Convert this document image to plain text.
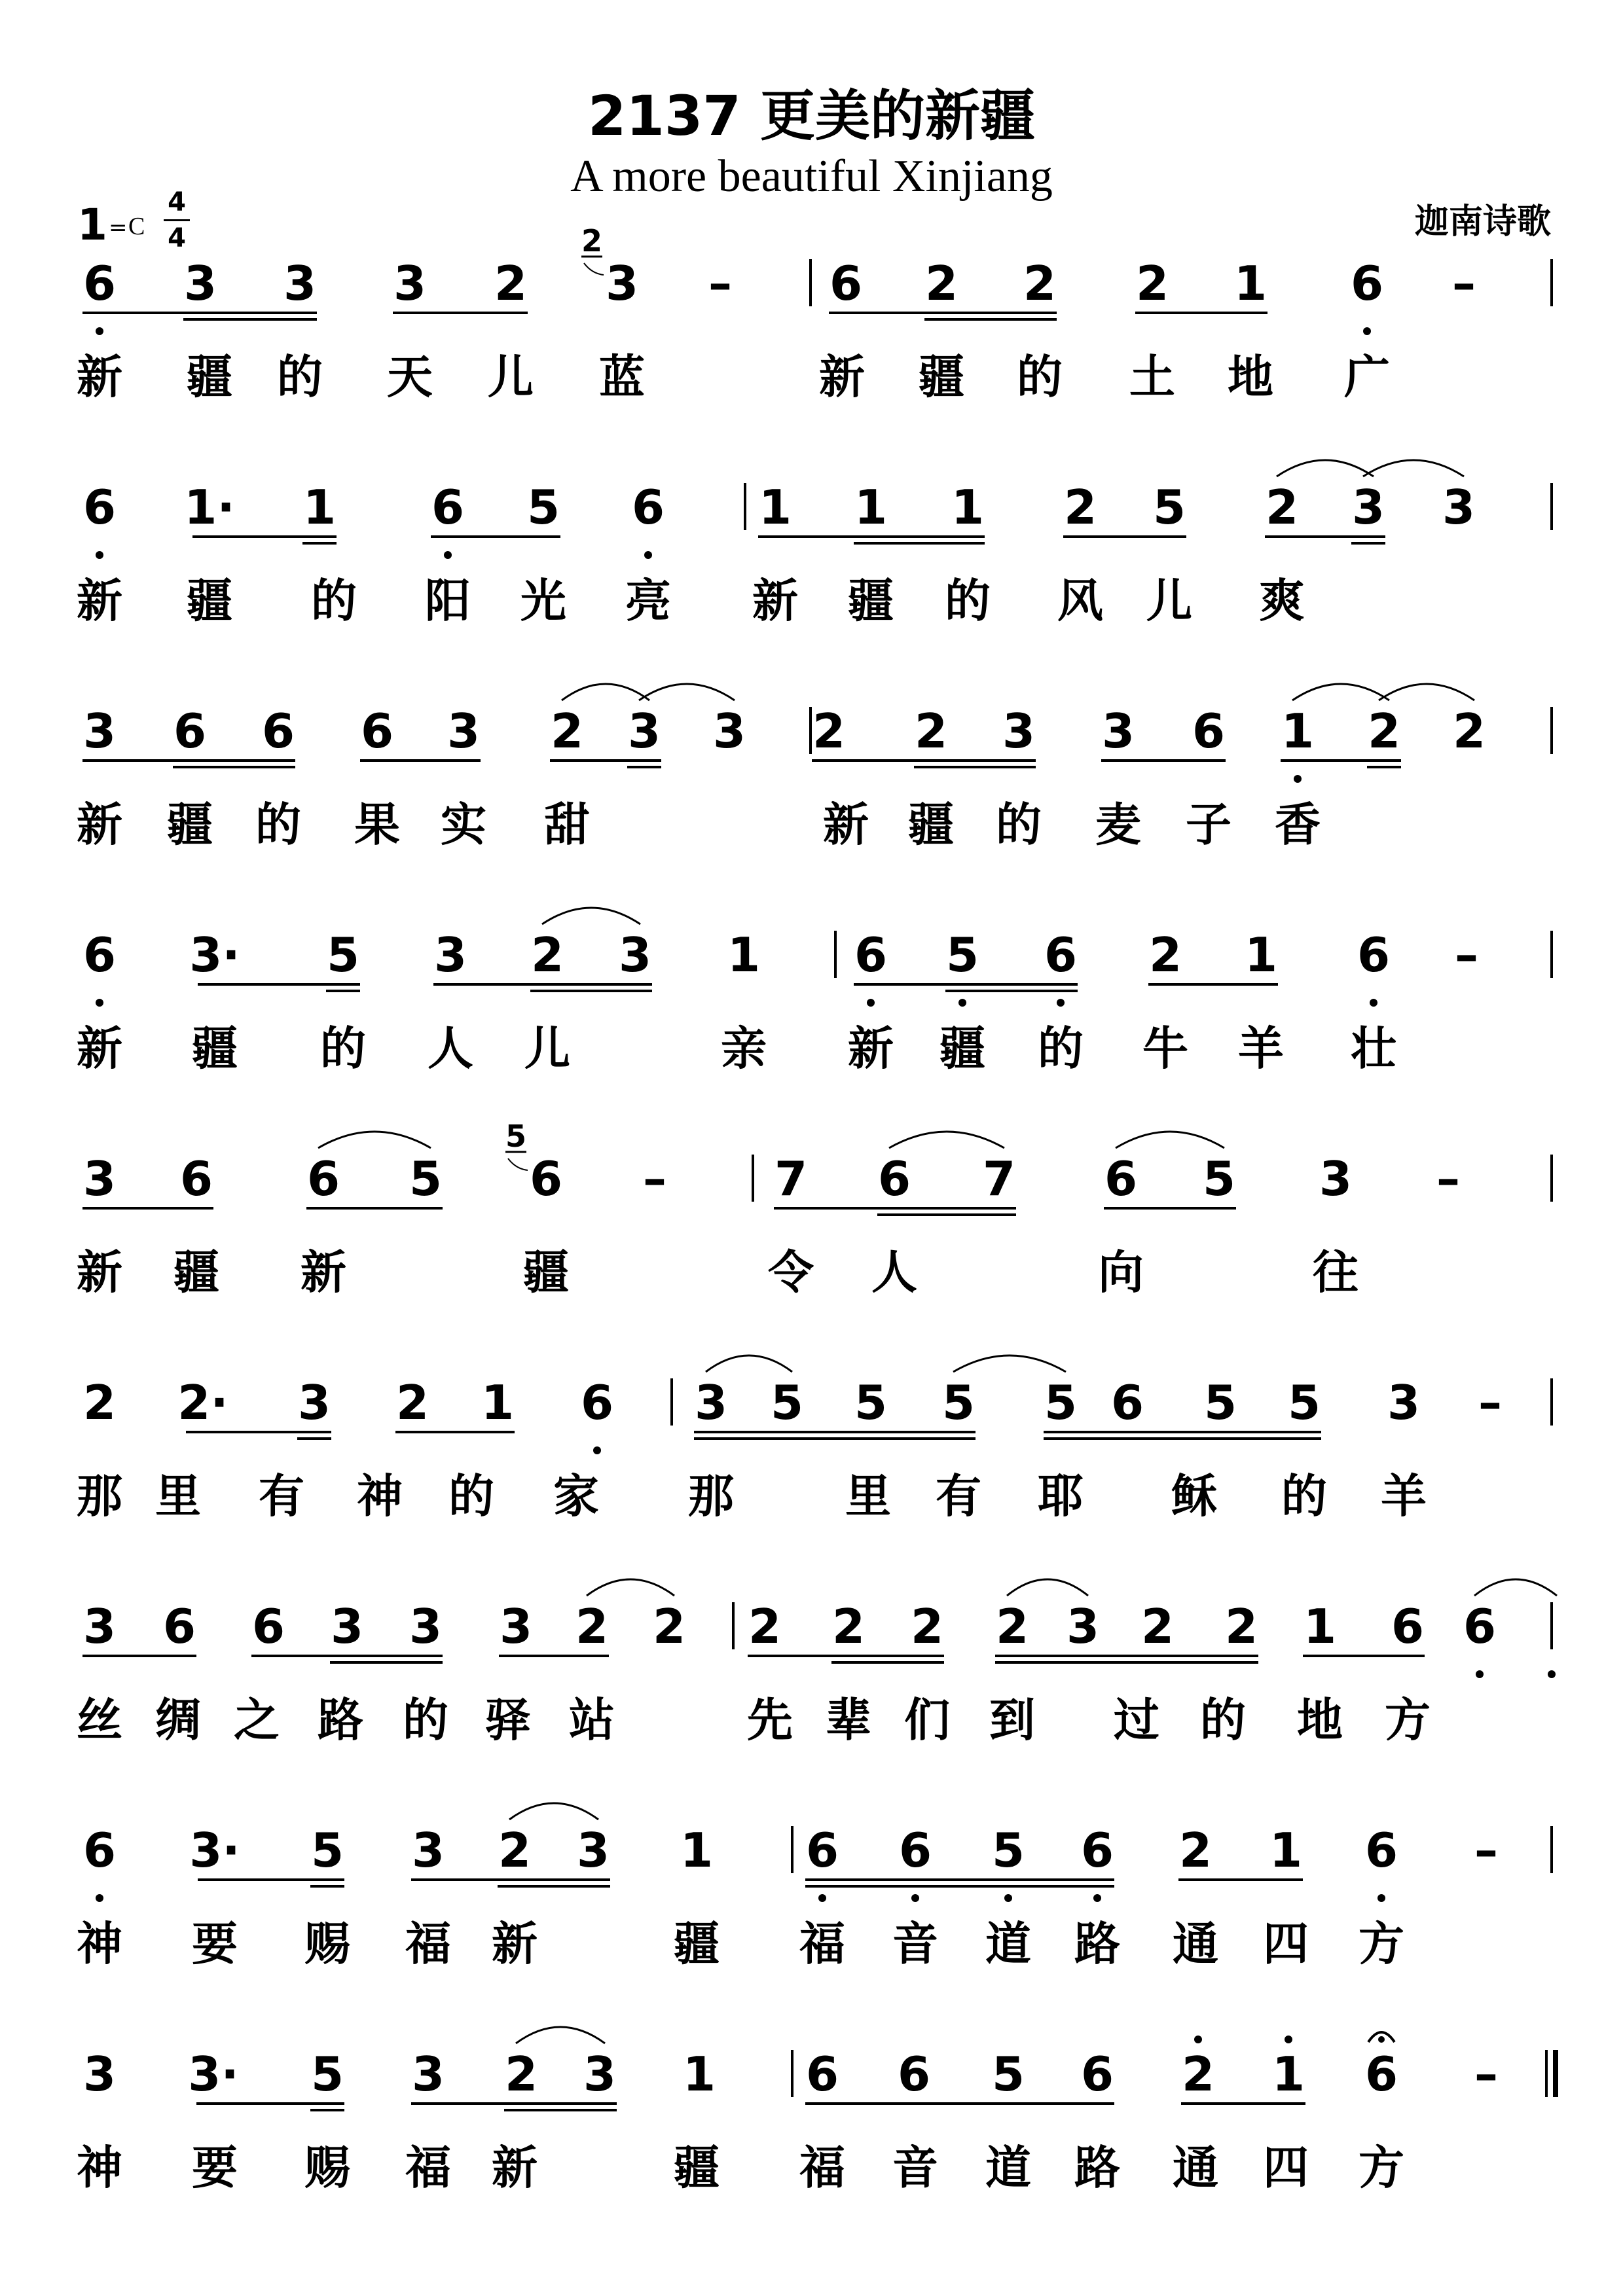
2137 更美的新疆
A more beautiful Xinjiang
迦南诗歌
1 = C
4
4
6 3 3 3 2 3 – 6 2 2 2 1 6 –
2
新 疆 的 天 儿 蓝	新 疆 的 土 地 广
6 1· 1 6 5 6 1 1 1 2 5 2 3 3
新 疆 的 阳 光 亮 新 疆 的 风 儿 爽
3 6 6 6 3 2 3 3 2 2 3 3 6 1 2 2
新 疆 的 果 实 甜	新 疆 的 麦 子 香
6 3· 5 3 2 3 1 6 5 6 2 1 6 –
新 疆 的 人 儿	亲 新 疆 的 牛 羊 壮
3 6 6 5 6 – 7 6 7 6 5 3 –
5
新 疆 新	疆	令 人	向	往
2 2· 3 2 1 6 3 5 5 5 5 6 5 5 3 –
那 里 有 神 的 家 那 里 有 耶 稣 的 羊
3 6 6 3 3 3 2 2 2 2 2 2 3 2 2 1 6 6
丝 绸 之 路 的 驿 站	先 辈 们 到 过 的 地 方
6 3· 5 3 2 3 1 6 6 5 6 2 1 6 –
神 要 赐 福 新	疆 福 音 道 路 通 四 方
3 3· 5 3 2 3 1 6 6 5 6 2 1 6 –
神 要 赐 福 新	疆 福 音 道 路 通 四 方
